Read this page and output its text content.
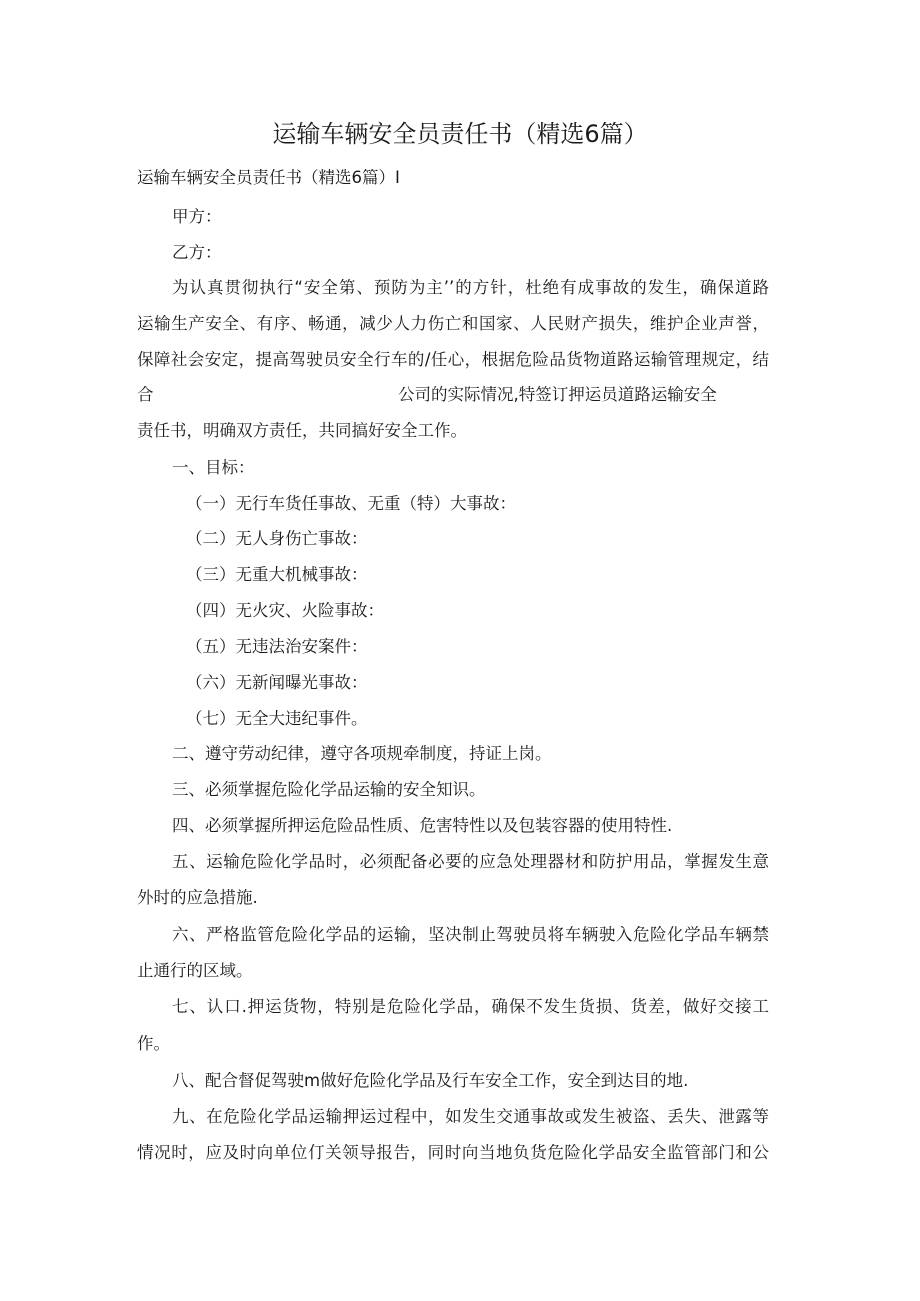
运输车辆安全员责任书（精选6篇）

运输车辆安全员责任书（精选6篇）I

甲方：

乙方：

为认真贯彻执行“安全第、预防为主’’的方针，杜绝有成事故的发生，确保道路

运输生产安全、有序、畅通，减少人力伤亡和国家、人民财产损失，维护企业声誉，

保障社会安定，提高驾驶员安全行车的/任心，根据危险品货物道路运输管理规定，结

合	公司的实际情况,特签订押运员道路运输安全

责任书，明确双方责任，共同搞好安全工作。

一、目标：

（一）无行车货任事故、无重（特）大事故：

（二）无人身伤亡事故：

（三）无重大机械事故：

（四）无火灾、火险事故：

（五）无违法治安案件：

（六）无新闻曝光事故：

（七）无全大违纪事件。

二、遵守劳动纪律，遵守各项规牵制度，持证上岗。

三、必须掌握危险化学品运输的安全知识。

四、必须掌握所押运危险品性质、危害特性以及包装容器的使用特性.

五、运输危险化学品时，必须配备必要的应急处理器材和防护用品，掌握发生意

外时的应急措施.

六、严格监管危险化学品的运输，坚决制止驾驶员将车辆驶入危险化学品车辆禁

止通行的区域。

七、认口.押运货物，特别是危险化学品，确保不发生货损、货差，做好交接工

作。

八、配合督促驾驶m做好危险化学品及行车安全工作，安全到达目的地.

九、在危险化学品运输押运过程中，如发生交通事故或发生被盗、丢失、泄露等

情况时，应及时向单位仃关领导报告，同时向当地负货危险化学品安全监管部门和公
